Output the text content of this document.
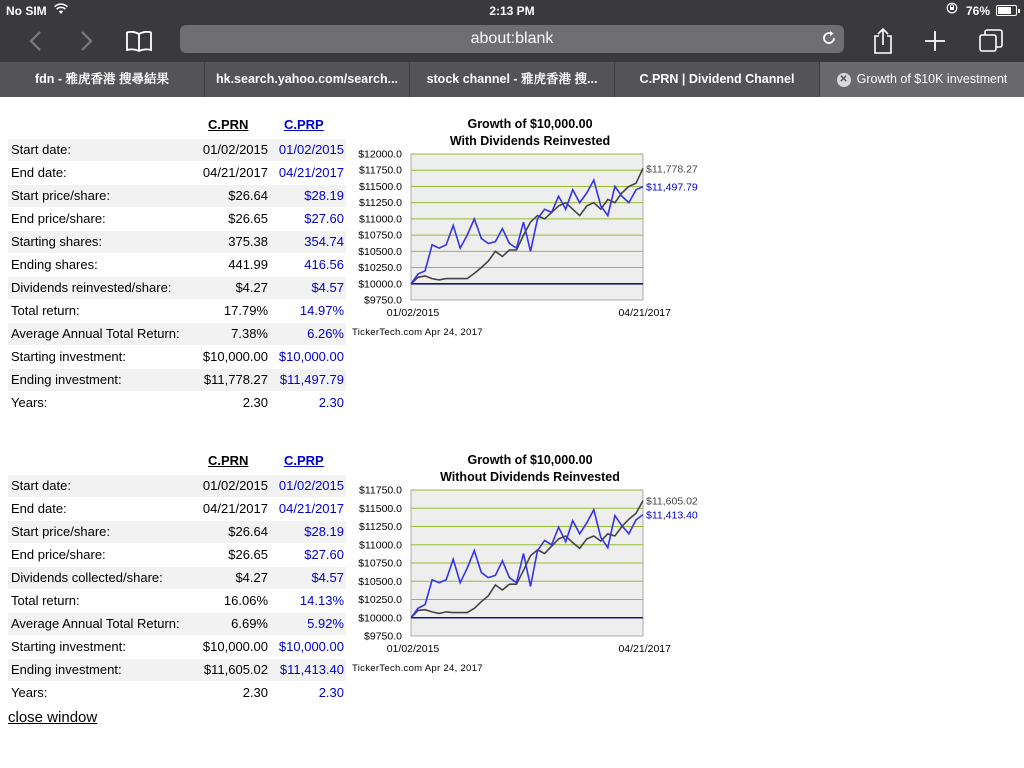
No SIM	2:13 PM	76%
about:blank
fdn - 雅虎香港 搜尋結果	hk.search.yahoo.com/search...	stock channel - 雅虎香港 搜...	C.PRN | Dividend Channel	✕ Growth of $10K investment
C.PRN	C.PRP
Start date:	01/02/2015 01/02/2015
End date:	04/21/2017 04/21/2017
Start price/share:	$26.64	$28.19
End price/share:	$26.65	$27.60
Starting shares:	375.38	354.74
Ending shares:	441.99	416.56
Dividends reinvested/share:	$4.27	$4.57
Total return:	17.79% 14.97%
Average Annual Total Return:	7.38%	6.26%
Starting investment:	$10,000.00 $10,000.00
Ending investment:	$11,778.27 $11,497.79
Years:	2.30	2.30
Growth of $10,000.00
With Dividends Reinvested
$12000.0
$11750.0
$11500.0
$11250.0
$11000.0
$10750.0
$10500.0
$10250.0
$10000.0
$9750.0
01/02/2015	04/21/2017
TickerTech.com Apr 24, 2017
$11,778.27
$11,497.79
C.PRN	C.PRP
Start date:	01/02/2015 01/02/2015
End date:	04/21/2017 04/21/2017
Start price/share:	$26.64	$28.19
End price/share:	$26.65	$27.60
Dividends collected/share:	$4.27	$4.57
Total return:	16.06% 14.13%
Average Annual Total Return:	6.69%	5.92%
Starting investment:	$10,000.00 $10,000.00
Ending investment:	$11,605.02 $11,413.40
Years:	2.30	2.30
Growth of $10,000.00
Without Dividends Reinvested
$11750.0
$11500.0
$11250.0
$11000.0
$10750.0
$10500.0
$10250.0
$10000.0
$9750.0
01/02/2015	04/21/2017
TickerTech.com Apr 24, 2017
$11,605.02
$11,413.40
close window
